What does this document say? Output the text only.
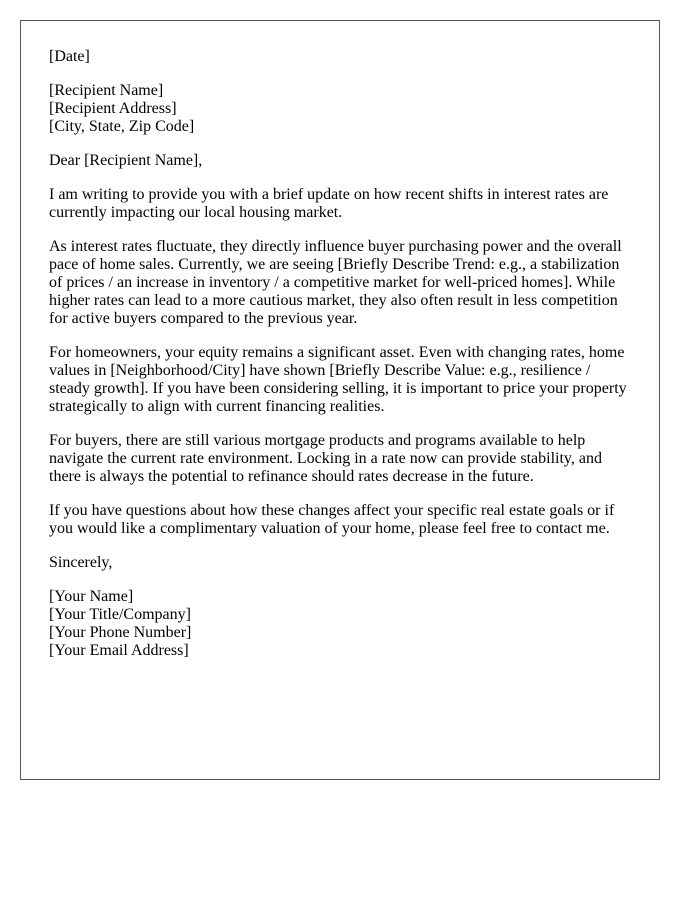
[Date]

[Recipient Name]
[Recipient Address]
[City, State, Zip Code]

Dear [Recipient Name],

I am writing to provide you with a brief update on how recent shifts in interest rates are
currently impacting our local housing market.

As interest rates fluctuate, they directly influence buyer purchasing power and the overall
pace of home sales. Currently, we are seeing [Briefly Describe Trend: e.g., a stabilization
of prices / an increase in inventory / a competitive market for well-priced homes]. While
higher rates can lead to a more cautious market, they also often result in less competition
for active buyers compared to the previous year.

For homeowners, your equity remains a significant asset. Even with changing rates, home
values in [Neighborhood/City] have shown [Briefly Describe Value: e.g., resilience /
steady growth]. If you have been considering selling, it is important to price your property
strategically to align with current financing realities.

For buyers, there are still various mortgage products and programs available to help
navigate the current rate environment. Locking in a rate now can provide stability, and
there is always the potential to refinance should rates decrease in the future.

If you have questions about how these changes affect your specific real estate goals or if
you would like a complimentary valuation of your home, please feel free to contact me.

Sincerely,

[Your Name]
[Your Title/Company]
[Your Phone Number]
[Your Email Address]
